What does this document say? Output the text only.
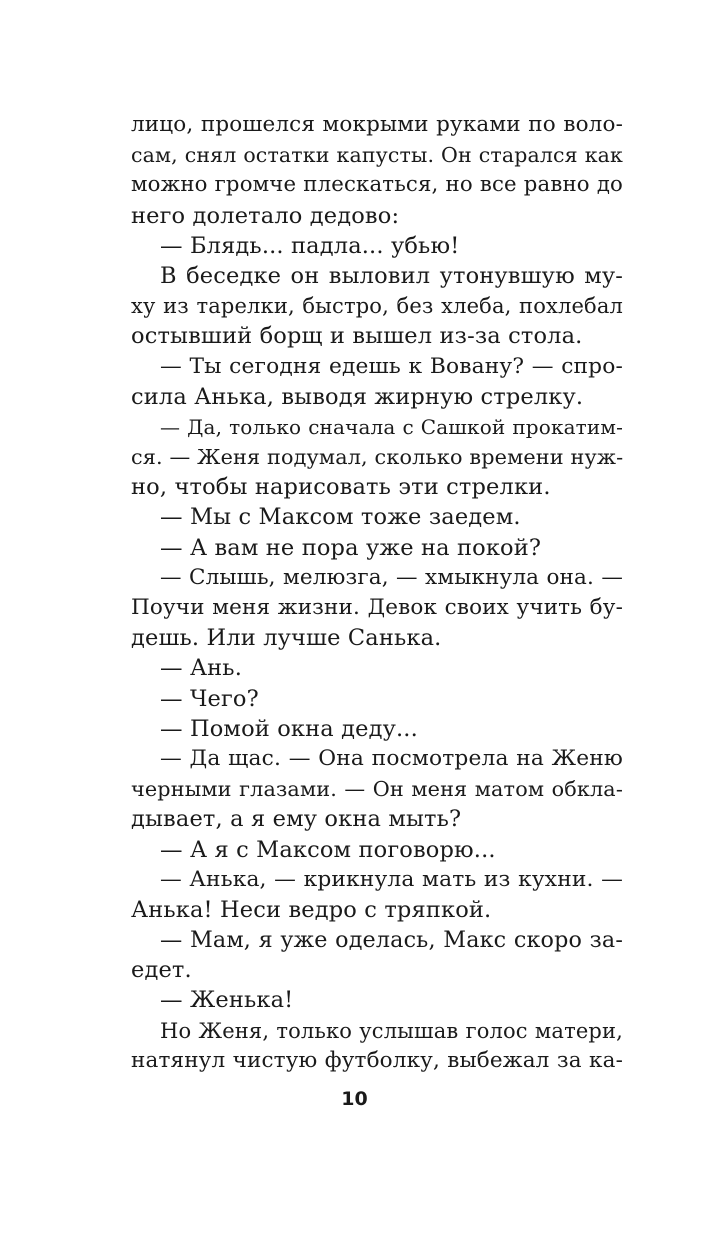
лицо, прошелся мокрыми руками по воло-
сам, снял остатки капусты. Он старался как
можно громче плескаться, но все равно до
него долетало дедово:
— Блядь... падла... убью!
В беседке он выловил утонувшую му-
ху из тарелки, быстро, без хлеба, похлебал
остывший борщ и вышел из-за стола.
— Ты сегодня едешь к Вовану? — спро-
сила Анька, выводя жирную стрелку.
— Да, только сначала с Сашкой прокатим-
ся. — Женя подумал, сколько времени нуж-
но, чтобы нарисовать эти стрелки.
— Мы с Максом тоже заедем.
— А вам не пора уже на покой?
— Слышь, мелюзга, — хмыкнула она. —
Поучи меня жизни. Девок своих учить бу-
дешь. Или лучше Санька.
— Ань.
— Чего?
— Помой окна деду...
— Да щас. — Она посмотрела на Женю
черными глазами. — Он меня матом обкла-
дывает, а я ему окна мыть?
— А я с Максом поговорю...
— Анька, — крикнула мать из кухни. —
Анька! Неси ведро с тряпкой.
— Мам, я уже оделась, Макс скоро за-
едет.
— Женька!
Но Женя, только услышав голос матери,
натянул чистую футболку, выбежал за ка-
10
